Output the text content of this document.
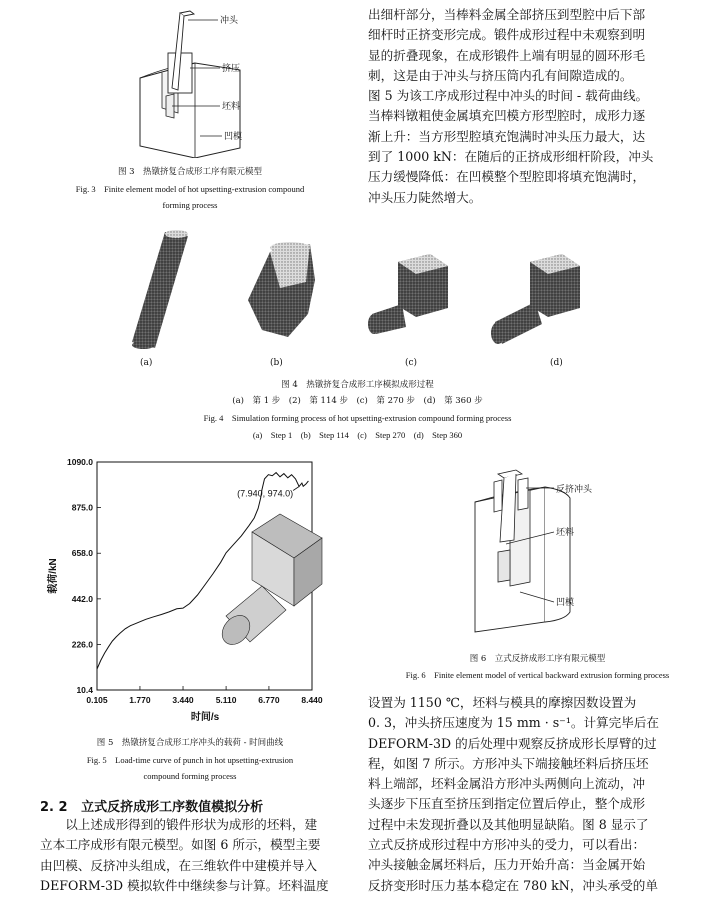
冲头
挤压
坯料
凹模
图 3　热镦挤复合成形工序有限元模型
Fig. 3　Finite element model of hot upsetting-extrusion compound
forming process

出细杆部分，当棒料金属全部挤压到型腔中后下部

细杆时正挤变形完成。锻件成形过程中未观察到明

显的折叠现象，在成形锻件上端有明显的圆环形毛

刺，这是由于冲头与挤压筒内孔有间隙造成的。

图 5 为该工序成形过程中冲头的时间 - 载荷曲线。

当棒料镦粗使金属填充凹模方形型腔时，成形力逐

渐上升：当方形型腔填充饱满时冲头压力最大，达

到了 1000 kN：在随后的正挤成形细杆阶段，冲头

压力缓慢降低：在凹模整个型腔即将填充饱满时，

冲头压力陡然增大。

(a)	(b)	(c)	(d)
图 4　热镦挤复合成形工序模拟成形过程
(a)　第 1 步　(2)　第 114 步　(c)　第 270 步　(d)　第 360 步
Fig. 4　Simulation forming process of hot upsetting-extrusion compound forming process
(a)　Step 1　(b)　Step 114　(c)　Step 270　(d)　Step 360
0.105	1.770	3.440	5.110	6.770	8.440
1090.0
875.0
658.0
442.0
226.0
10.4
(7.940, 974.0)
时间/s
载荷/kN
图 5　热镦挤复合成形工序冲头的载荷 - 时间曲线
Fig. 5　Load-time curve of punch in hot upsetting-extrusion
compound forming process
反挤冲头
坯料
凹模
图 6　立式反挤成形工序有限元模型
Fig. 6　Finite element model of vertical backward extrusion forming process
2. 2 立式反挤成形工序数值模拟分析

以上述成形得到的锻件形状为成形的坯料，建

立本工序成形有限元模型。如图 6 所示，模型主要

由凹模、反挤冲头组成，在三维软件中建模并导入

DEFORM-3D 模拟软件中继续参与计算。坯料温度

设置为 1150 ℃，坯料与模具的摩擦因数设置为

0. 3，冲头挤压速度为 15 mm · s⁻¹。计算完毕后在

DEFORM-3D 的后处理中观察反挤成形长厚臂的过

程，如图 7 所示。方形冲头下端接触坯料后挤压坯

料上端部，坯料金属沿方形冲头两侧向上流动，冲

头逐步下压直至挤压到指定位置后停止，整个成形

过程中未发现折叠以及其他明显缺陷。图 8 显示了

立式反挤成形过程中方形冲头的受力，可以看出：

冲头接触金属坯料后，压力开始升高：当金属开始

反挤变形时压力基本稳定在 780 kN，冲头承受的单
